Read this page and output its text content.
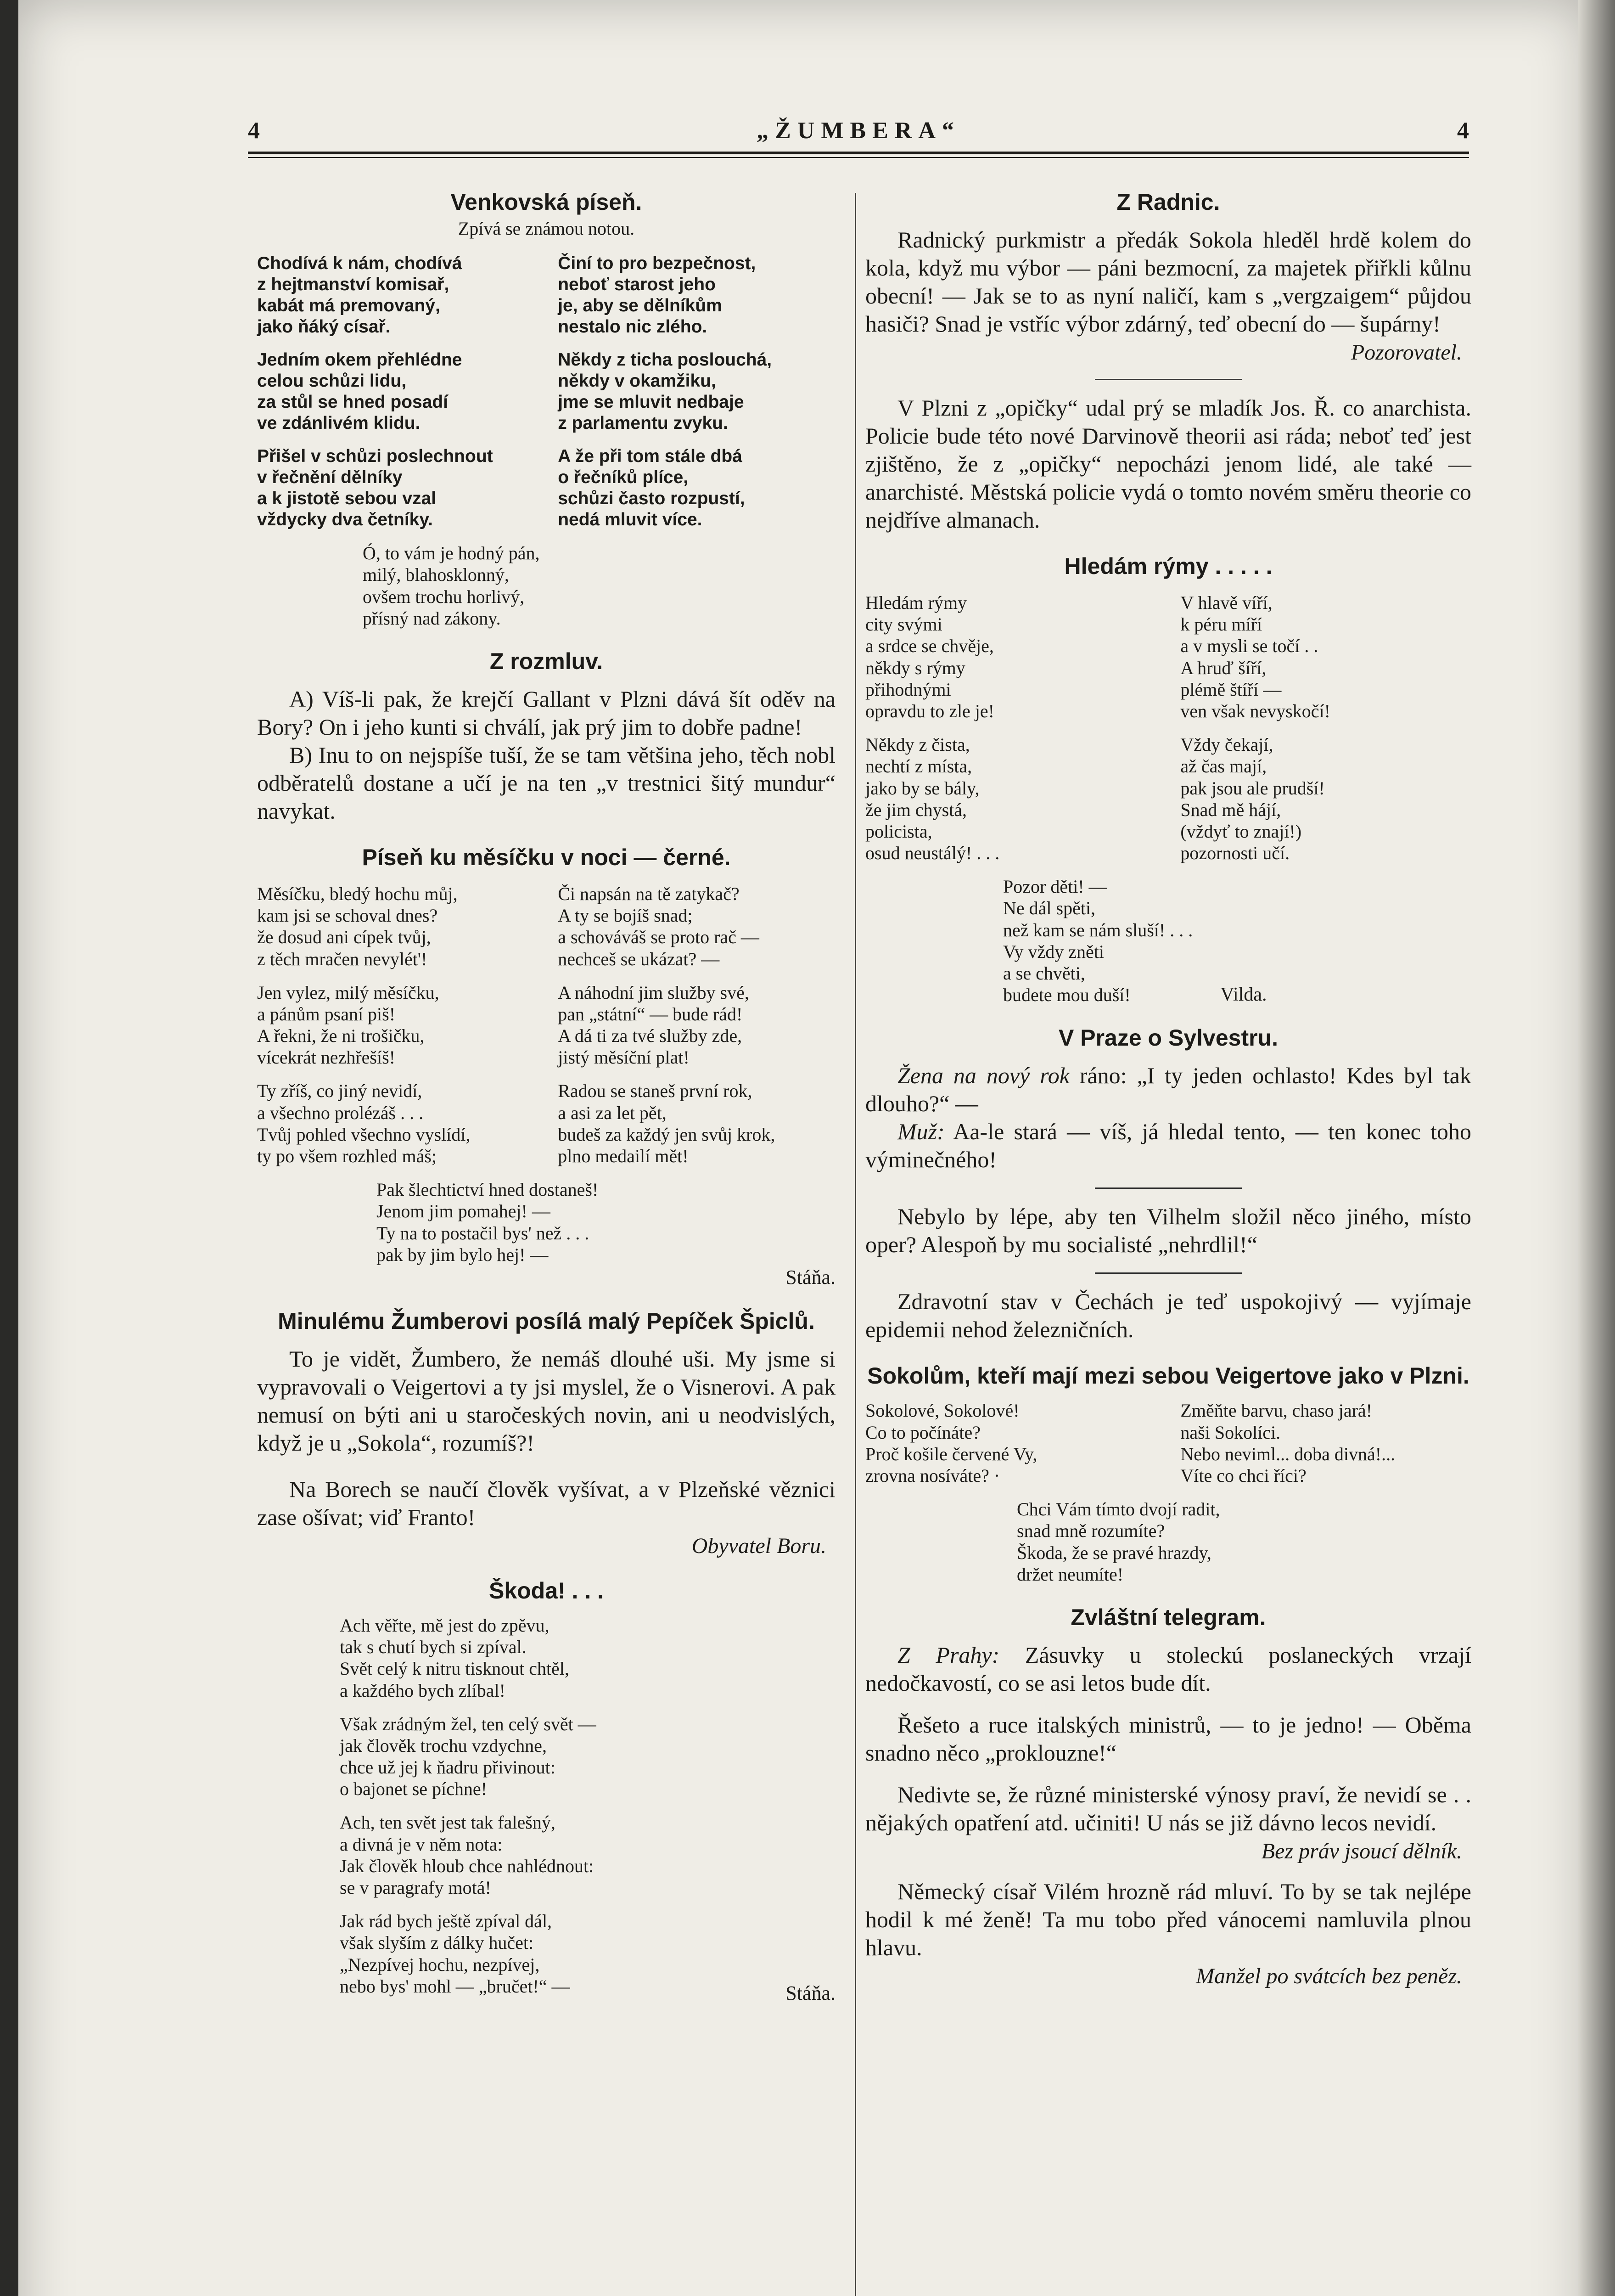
4	„ŽUMBERA“	4
Venkovská píseň.
Zpívá se známou notou.

Chodívá k nám, chodívá
z hejtmanství komisař,
kabát má premovaný,
jako ňáký císař.

Jedním okem přehlédne
celou schůzi lidu,
za stůl se hned posadí
ve zdánlivém klidu.

Přišel v schůzi poslechnout
v řečnění dělníky
a k jistotě sebou vzal
vždycky dva četníky.

Činí to pro bezpečnost,
neboť starost jeho
je, aby se dělníkům
nestalo nic zlého.

Někdy z ticha poslouchá,
někdy v okamžiku,
jme se mluvit nedbaje
z parlamentu zvyku.

A že při tom stále dbá
o řečníků plíce,
schůzi často rozpustí,
nedá mluvit více.

Ó, to vám je hodný pán,
milý, blahosklonný,
ovšem trochu horlivý,
přísný nad zákony.

Z rozmluv.

A) Víš-li pak, že krejčí Gallant v Plzni dává šít oděv na Bory? On i jeho kunti si chválí, jak prý jim to dobře padne!

B) Inu to on nejspíše tuší, že se tam většina jeho, těch nobl odběratelů dostane a učí je na ten „v trestnici šitý mundur“ navykat.

Píseň ku měsíčku v noci — černé.

Měsíčku, bledý hochu můj,
kam jsi se schoval dnes?
že dosud ani cípek tvůj,
z těch mračen nevylét'!

Jen vylez, milý měsíčku,
a pánům psaní piš!
A řekni, že ni trošičku,
vícekrát nezhřešíš!

Ty zříš, co jiný nevidí,
a všechno prolézáš . . .
Tvůj pohled všechno vyslídí,
ty po všem rozhled máš;

Či napsán na tě zatykač?
A ty se bojíš snad;
a schováváš se proto rač —
nechceš se ukázat? —

A náhodní jim služby své,
pan „státní“ — bude rád!
A dá ti za tvé služby zde,
jistý měsíční plat!

Radou se staneš první rok,
a asi za let pět,
budeš za každý jen svůj krok,
plno medailí mět!

Pak šlechtictví hned dostaneš!
Jenom jim pomahej! —
Ty na to postačil bys' než . . .
pak by jim bylo hej! —

Stáňa.
Minulému Žumberovi posílá malý Pepíček Špiclů.

To je vidět, Žumbero, že nemáš dlouhé uši. My jsme si vypravovali o Veigertovi a ty jsi myslel, že o Visnerovi. A pak nemusí on býti ani u staročeských novin, ani u neodvislých, když je u „Sokola“, rozumíš?!

Na Borech se naučí člověk vyšívat, a v Plzeňské věznici zase ošívat; viď Franto!

Obyvatel Boru.
Škoda! . . .

Ach věřte, mě jest do zpěvu,
tak s chutí bych si zpíval.
Svět celý k nitru tisknout chtěl,
a každého bych zlíbal!

Však zrádným žel, ten celý svět —
jak člověk trochu vzdychne,
chce už jej k ňadru přivinout:
o bajonet se píchne!

Ach, ten svět jest tak falešný,
a divná je v něm nota:
Jak člověk hloub chce nahlédnout:
se v paragrafy motá!

Jak rád bych ještě zpíval dál,
však slyším z dálky hučet:
„Nezpívej hochu, nezpívej,
nebo bys' mohl — „bručet!“ —	Stáňa.
Z Radnic.

Radnický purkmistr a předák Sokola hleděl hrdě kolem do kola, když mu výbor — páni bezmocní, za majetek přiřkli kůlnu obecní! — Jak se to as nyní naličí, kam s „vergzaigem“ půjdou hasiči? Snad je vstříc výbor zdárný, teď obecní do — šupárny!

Pozorovatel.

V Plzni z „opičky“ udal prý se mladík Jos. Ř. co anarchista. Policie bude této nové Darvinově theorii asi ráda; neboť teď jest zjištěno, že z „opičky“ nepocházi jenom lidé, ale také — anarchisté. Městská policie vydá o tomto novém směru theorie co nejdříve almanach.

Hledám rýmy . . . . .

Hledám rýmy
city svými
a srdce se chvěje,
někdy s rýmy
přihodnými
opravdu to zle je!

Někdy z čista,
nechtí z místa,
jako by se bály,
že jim chystá,
policista,
osud neustálý! . . .

V hlavě víří,
k péru míří
a v mysli se točí . .
A hruď šíří,
plémě štíří —
ven však nevyskočí!

Vždy čekají,
až čas mají,
pak jsou ale prudší!
Snad mě hájí,
(vždyť to znají!)
pozornosti učí.

Pozor děti! —
Ne dál spěti,
než kam se nám sluší! . . .
Vy vždy zněti
a se chvěti,
budete mou duší!	Vilda.
V Praze o Sylvestru.

Žena na nový rok ráno: „I ty jeden ochlasto! Kdes byl tak dlouho?“ —

Muž: Aa-le stará — víš, já hledal tento, — ten konec toho výminečného!

Nebylo by lépe, aby ten Vilhelm složil něco jiného, místo oper? Alespoň by mu socialisté „nehrdlil!“

Zdravotní stav v Čechách je teď uspokojivý — vyjímaje epidemii nehod železničních.

Sokolům, kteří mají mezi sebou Veigertove jako v Plzni.

Sokolové, Sokolové!
Co to počínáte?
Proč košile červené Vy,
zrovna nosíváte? ·

Změňte barvu, chaso jará!
naši Sokolíci.
Nebo neviml... doba divná!...
Víte co chci říci?

Chci Vám tímto dvojí radit,
snad mně rozumíte?
Škoda, že se pravé hrazdy,
držet neumíte!

Zvláštní telegram.

Z Prahy: Zásuvky u stoleckú poslaneckých vrzají nedočkavostí, co se asi letos bude dít.

Řešeto a ruce italských ministrů, — to je jedno! — Oběma snadno něco „proklouzne!“

Nedivte se, že různé ministerské výnosy praví, že nevidí se . . nějakých opatření atd. učiniti! U nás se již dávno lecos nevidí.

Bez práv jsoucí dělník.

Německý císař Vilém hrozně rád mluví. To by se tak nejlépe hodil k mé ženě! Ta mu tobo před vánocemi namluvila plnou hlavu.

Manžel po svátcích bez peněz.
